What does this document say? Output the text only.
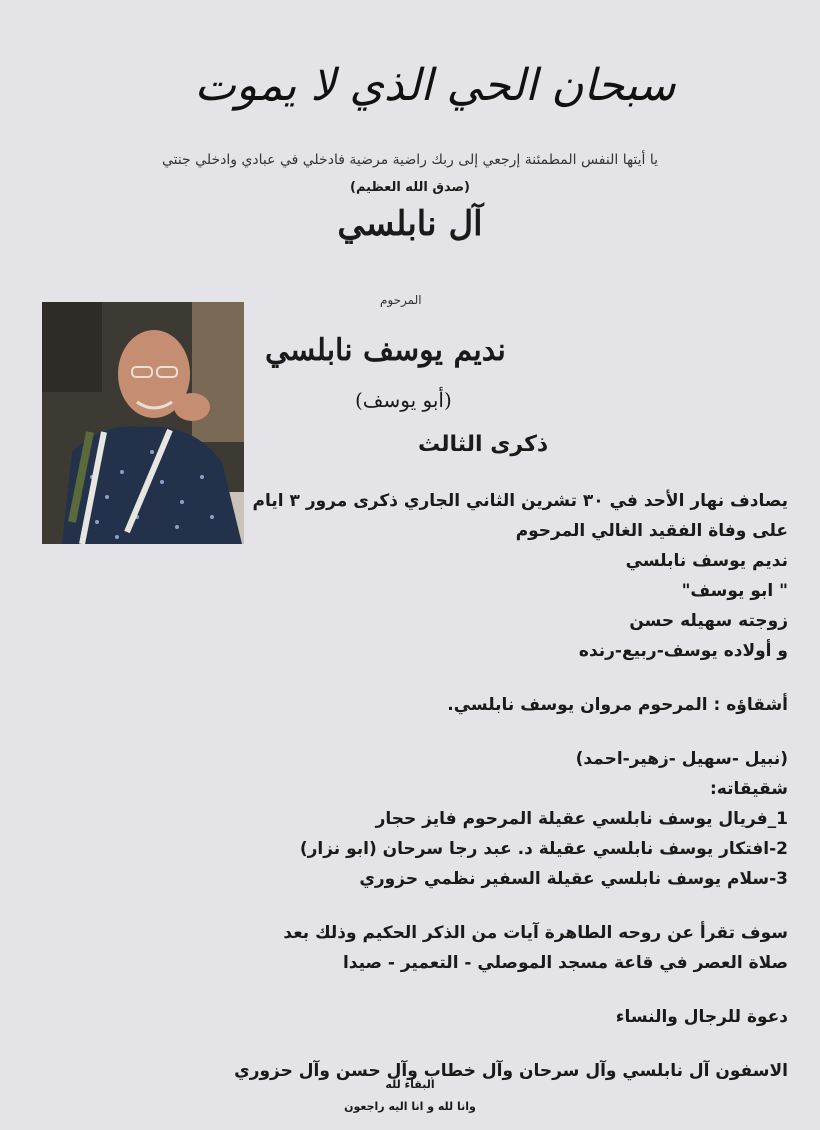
سبحان الحي الذي لا يموت
يا أيتها النفس المطمئنة إرجعي إلى ربك راضية مرضية فادخلي في عبادي وادخلي جنتي
(صدق الله العظيم)
آل نابلسي
المرحوم
نديم يوسف نابلسي
(أبو يوسف)
ذكرى الثالث
يصادف نهار الأحد في ٣٠ تشرين الثاني الجاري ذكرى مرور ٣ ايام
على وفاة الفقيد الغالي المرحوم
نديم يوسف نابلسي
" ابو يوسف"
زوجته سهيله حسن
و أولاده يوسف-ربيع-رنده
أشقاؤه : المرحوم مروان يوسف نابلسي.
(نبيل -سهيل -زهير-احمد)
شقيقاته:
1_فريال يوسف نابلسي عقيلة المرحوم فايز حجار
2-افتكار يوسف نابلسي عقيلة د. عبد رجا سرحان (ابو نزار)
3-سلام يوسف نابلسي عقيلة السفير نظمي حزوري
سوف تقرأ عن روحه الطاهرة آيات من الذكر الحكيم وذلك بعد
صلاة العصر في قاعة مسجد الموصلي - التعمير - صيدا
دعوة للرجال والنساء
الاسفون آل نابلسي وآل سرحان وآل خطاب وآل حسن وآل حزوري
البقاء لله
وانا لله و انا اليه راجعون
